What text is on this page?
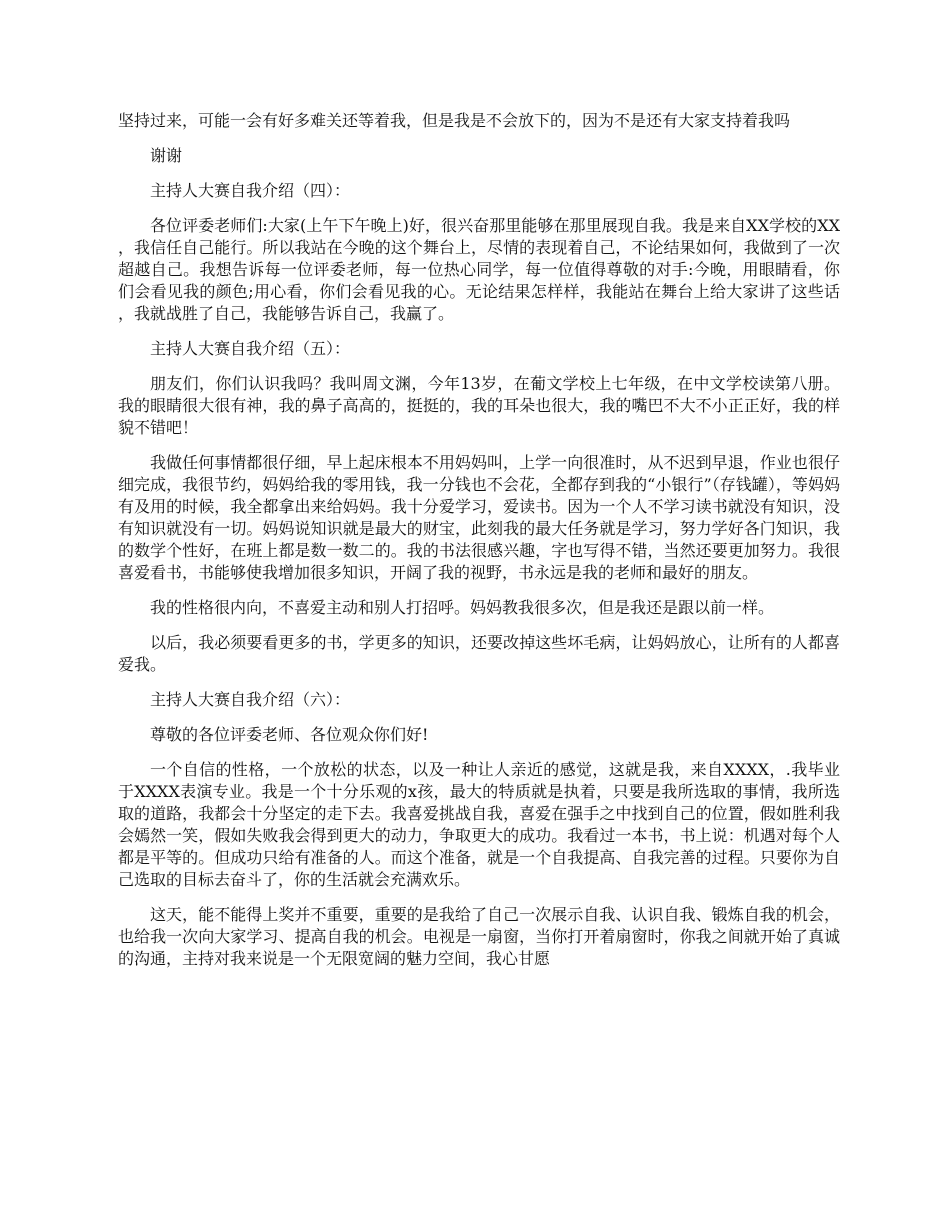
坚持过来，可能一会有好多难关还等着我，但是我是不会放下的，因为不是还有大家支持着我吗

谢谢

主持人大赛自我介绍（四）：

各位评委老师们:大家(上午下午晚上)好，很兴奋那里能够在那里展现自我。我是来自XX学校的XX，我信任自己能行。所以我站在今晚的这个舞台上，尽情的表现着自己，不论结果如何，我做到了一次超越自己。我想告诉每一位评委老师，每一位热心同学，每一位值得尊敬的对手:今晚，用眼睛看，你们会看见我的颜色;用心看，你们会看见我的心。无论结果怎样样，我能站在舞台上给大家讲了这些话，我就战胜了自己，我能够告诉自己，我赢了。

主持人大赛自我介绍（五）：

朋友们，你们认识我吗？我叫周文渊，今年13岁，在葡文学校上七年级，在中文学校读第八册。我的眼睛很大很有神，我的鼻子高高的，挺挺的，我的耳朵也很大，我的嘴巴不大不小正正好，我的样貌不错吧！

我做任何事情都很仔细，早上起床根本不用妈妈叫，上学一向很准时，从不迟到早退，作业也很仔细完成，我很节约，妈妈给我的零用钱，我一分钱也不会花，全都存到我的“小银行”（存钱罐），等妈妈有及用的时候，我全都拿出来给妈妈。我十分爱学习，爱读书。因为一个人不学习读书就没有知识，没有知识就没有一切。妈妈说知识就是最大的财宝，此刻我的最大任务就是学习，努力学好各门知识，我的数学个性好，在班上都是数一数二的。我的书法很感兴趣，字也写得不错，当然还要更加努力。我很喜爱看书，书能够使我增加很多知识，开阔了我的视野，书永远是我的老师和最好的朋友。

我的性格很内向，不喜爱主动和别人打招呼。妈妈教我很多次，但是我还是跟以前一样。

以后，我必须要看更多的书，学更多的知识，还要改掉这些坏毛病，让妈妈放心，让所有的人都喜爱我。

主持人大赛自我介绍（六）：

尊敬的各位评委老师、各位观众你们好!

一个自信的性格，一个放松的状态，以及一种让人亲近的感觉，这就是我，来自XXXX，.我毕业于XXXX表演专业。我是一个十分乐观的x孩，最大的特质就是执着，只要是我所选取的事情，我所选取的道路，我都会十分坚定的走下去。我喜爱挑战自我，喜爱在强手之中找到自己的位置，假如胜利我会嫣然一笑，假如失败我会得到更大的动力，争取更大的成功。我看过一本书，书上说：机遇对每个人都是平等的。但成功只给有准备的人。而这个准备，就是一个自我提高、自我完善的过程。只要你为自己选取的目标去奋斗了，你的生活就会充满欢乐。

这天，能不能得上奖并不重要，重要的是我给了自己一次展示自我、认识自我、锻炼自我的机会，也给我一次向大家学习、提高自我的机会。电视是一扇窗，当你打开着扇窗时，你我之间就开始了真诚的沟通，主持对我来说是一个无限宽阔的魅力空间，我心甘愿
